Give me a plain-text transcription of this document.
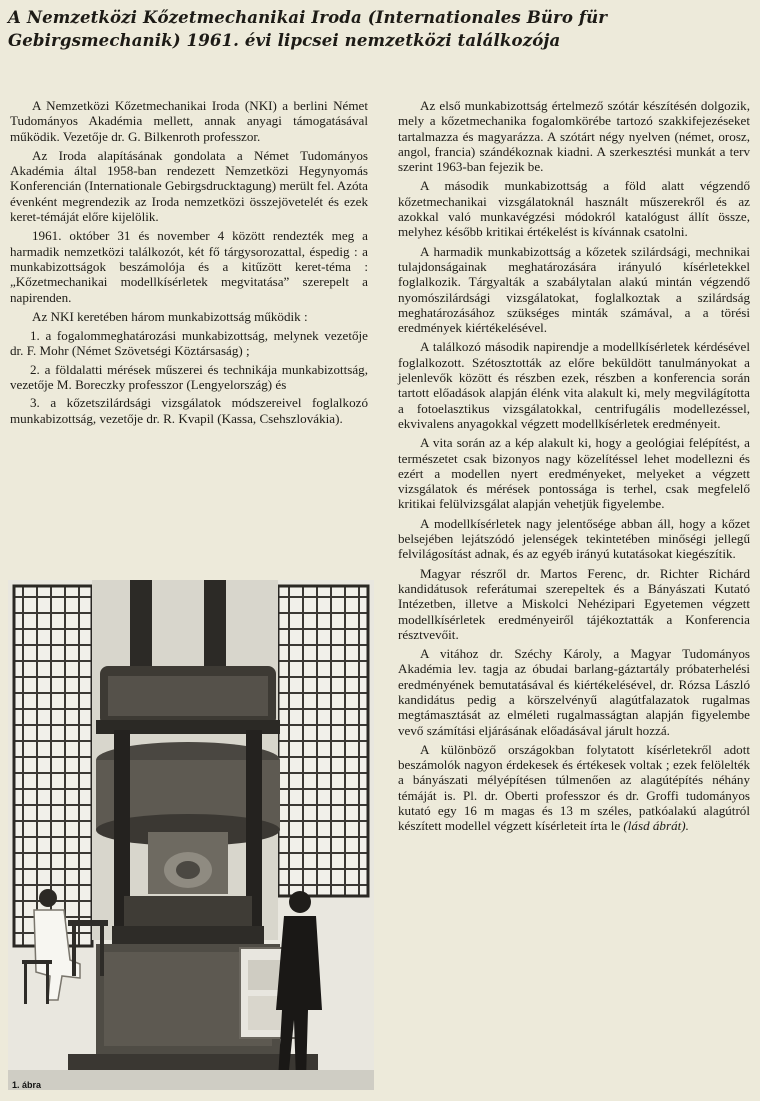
A Nemzetközi Kőzetmechanikai Iroda (Internationales Büro für Gebirgsmechanik) 1961. évi lipcsei nemzetközi találkozója

A Nemzetközi Kőzetmechanikai Iroda (NKI) a berlini Német Tudományos Akadémia mellett, annak anyagi támogatásával működik. Vezetője dr. G. Bilkenroth professzor.

Az Iroda alapításának gondolata a Német Tudományos Akadémia által 1958-ban rendezett Nemzetközi Hegynyomás Konferencián (Internationale Gebirgsdrucktagung) merült fel. Azóta évenként megrendezik az Iroda nemzetközi összejövetelét és ezek keret-témáját előre kijelölik.

1961. október 31 és november 4 között rendezték meg a harmadik nemzetközi találkozót, két fő tárgysorozattal, éspedig : a munkabizottságok beszámolója és a kitűzött keret-téma : „Kőzetmechanikai modellkísérletek megvitatása” szerepelt a napirenden.

Az NKI keretében három munkabizottság működik :

1. a fogalommeghatározási munkabizottság, melynek vezetője dr. F. Mohr (Német Szövetségi Köztársaság) ;

2. a földalatti mérések műszerei és technikája munkabizottság, vezetője M. Boreczky professzor (Lengyelország) és

3. a kőzetszilárdsági vizsgálatok módszereivel foglalkozó munkabizottság, vezetője dr. R. Kvapil (Kassa, Csehszlovákia).

1. ábra

Az első munkabizottság értelmező szótár készítésén dolgozik, mely a kőzetmechanika fogalomkörébe tartozó szakkifejezéseket tartalmazza és magyarázza. A szótárt négy nyelven (német, orosz, angol, francia) szándékoznak kiadni. A szerkesztési munkát a terv szerint 1963-ban fejezik be.

A második munkabizottság a föld alatt végzendő kőzetmechanikai vizsgálatoknál használt műszerekről és az azokkal való munkavégzési módokról katalógust állít össze, melyhez később kritikai értékelést is kívánnak csatolni.

A harmadik munkabizottság a kőzetek szilárdsági, mechnikai tulajdonságainak meghatározására irányuló kísérletekkel foglalkozik. Tárgyalták a szabálytalan alakú mintán végzendő nyomószilárdsági vizsgálatokat, foglalkoztak a szilárdság meghatározásához szükséges minták számával, a a törési eredmények kiértékelésével.

A találkozó második napirendje a modellkísérletek kérdésével foglalkozott. Szétosztották az előre beküldött tanulmányokat a jelenlevők között és részben ezek, részben a konferencia során tartott előadások alapján élénk vita alakult ki, mely megvilágította a fotoelasztikus vizsgálatokkal, centrifugális modellezéssel, ekvivalens anyagokkal végzett modellkísérletek eredményeit.

A vita során az a kép alakult ki, hogy a geológiai felépítést, a természetet csak bizonyos nagy közelítéssel lehet modellezni és ezért a modellen nyert eredményeket, melyeket a végzett vizsgálatok és mérések pontossága is terhel, csak megfelelő kritikai felülvizsgálat alapján vehetjük figyelembe.

A modellkísérletek nagy jelentősége abban áll, hogy a kőzet belsejében lejátszódó jelenségek tekintetében minőségi jellegű felvilágosítást adnak, és az egyéb irányú kutatásokat kiegészítik.

Magyar részről dr. Martos Ferenc, dr. Richter Richárd kandidátusok referátumai szerepeltek és a Bányászati Kutató Intézetben, illetve a Miskolci Nehézipari Egyetemen végzett modellkísérletek eredményeiről tájékoztatták a Konferencia résztvevőit.

A vitához dr. Széchy Károly, a Magyar Tudományos Akadémia lev. tagja az óbudai barlang-gáztartály próbaterhelési eredményének bemutatásával és kiértékelésével, dr. Rózsa László kandidátus pedig a körszelvényű alagútfalazatok rugalmas megtámasztását az elméleti rugalmasságtan alapján figyelembe vevő számítási eljárásának előadásával járult hozzá.

A különböző országokban folytatott kísérletekről adott beszámolók nagyon érdekesek és értékesek voltak ; ezek felölelték a bányászati mélyépítésen túlmenően az alagútépítés néhány témáját is. Pl. dr. Oberti professzor és dr. Groffi tudományos kutató egy 16 m magas és 13 m széles, patkóalakú alagútról készített modellel végzett kísérleteit írta le (lásd ábrát).
